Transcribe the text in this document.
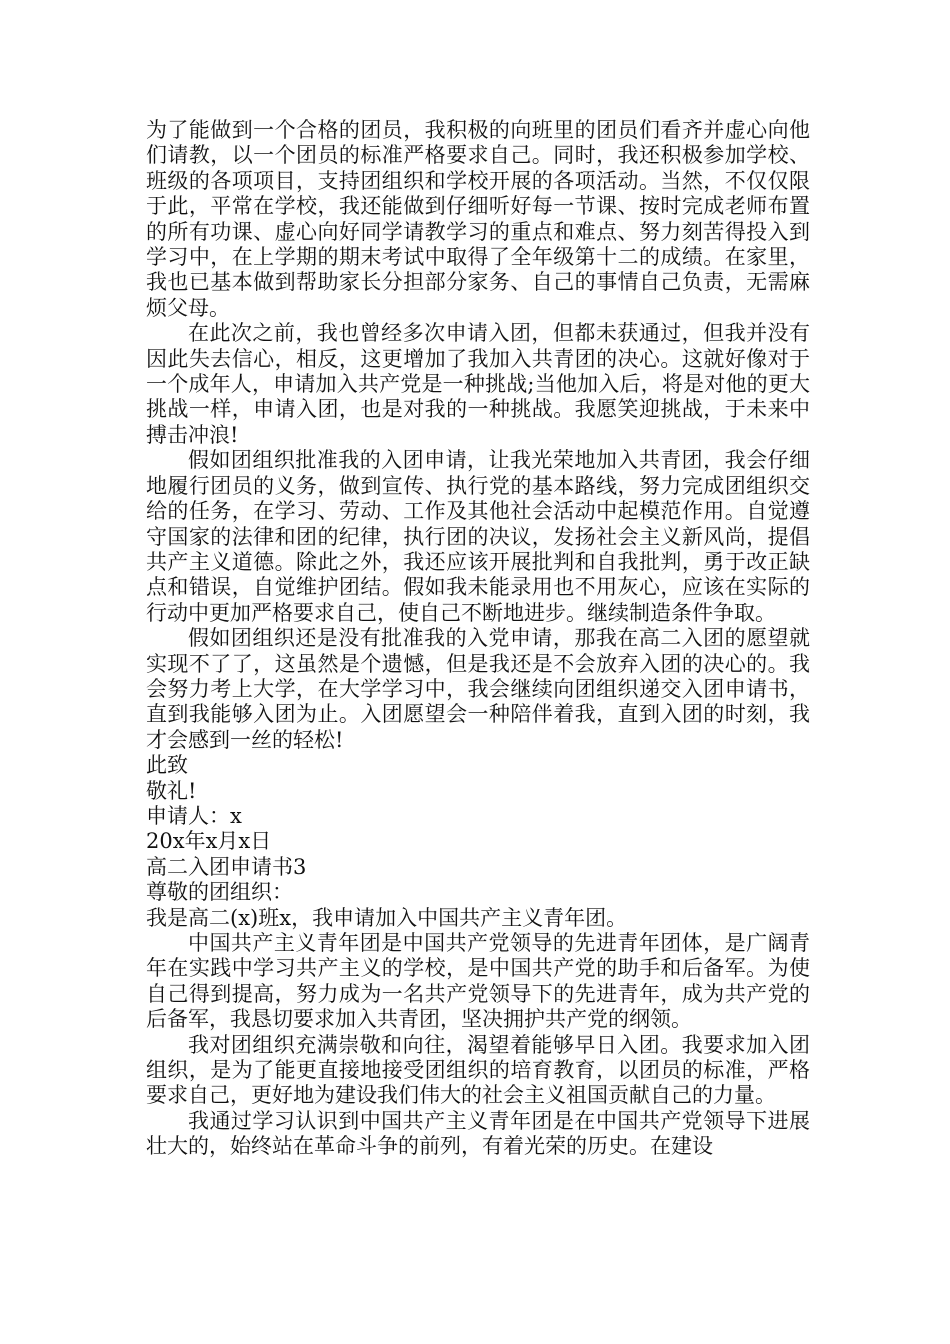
为了能做到一个合格的团员，我积极的向班里的团员们看齐并虚心向他们请教，以一个团员的标准严格要求自己。同时，我还积极参加学校、班级的各项项目，支持团组织和学校开展的各项活动。当然，不仅仅限于此，平常在学校，我还能做到仔细听好每一节课、按时完成老师布置的所有功课、虚心向好同学请教学习的重点和难点、努力刻苦得投入到学习中，在上学期的期末考试中取得了全年级第十二的成绩。在家里，我也已基本做到帮助家长分担部分家务、自己的事情自己负责，无需麻烦父母。

在此次之前，我也曾经多次申请入团，但都未获通过，但我并没有因此失去信心，相反，这更增加了我加入共青团的决心。这就好像对于一个成年人，申请加入共产党是一种挑战;当他加入后，将是对他的更大挑战一样，申请入团，也是对我的一种挑战。我愿笑迎挑战，于未来中搏击冲浪!

假如团组织批准我的入团申请，让我光荣地加入共青团，我会仔细地履行团员的义务，做到宣传、执行党的基本路线，努力完成团组织交给的任务，在学习、劳动、工作及其他社会活动中起模范作用。自觉遵守国家的法律和团的纪律，执行团的决议，发扬社会主义新风尚，提倡共产主义道德。除此之外，我还应该开展批判和自我批判，勇于改正缺点和错误，自觉维护团结。假如我未能录用也不用灰心，应该在实际的行动中更加严格要求自己，使自己不断地进步。继续制造条件争取。

假如团组织还是没有批准我的入党申请，那我在高二入团的愿望就实现不了了，这虽然是个遗憾，但是我还是不会放弃入团的决心的。我会努力考上大学，在大学学习中，我会继续向团组织递交入团申请书，直到我能够入团为止。入团愿望会一种陪伴着我，直到入团的时刻，我才会感到一丝的轻松!

此致

敬礼!

申请人：x

20x年x月x日

高二入团申请书3

尊敬的团组织：

我是高二(x)班x，我申请加入中国共产主义青年团。

中国共产主义青年团是中国共产党领导的先进青年团体，是广阔青年在实践中学习共产主义的学校，是中国共产党的助手和后备军。为使自己得到提高，努力成为一名共产党领导下的先进青年，成为共产党的后备军，我恳切要求加入共青团，坚决拥护共产党的纲领。

我对团组织充满崇敬和向往，渴望着能够早日入团。我要求加入团组织，是为了能更直接地接受团组织的培育教育，以团员的标准，严格要求自己，更好地为建设我们伟大的社会主义祖国贡献自己的力量。

我通过学习认识到中国共产主义青年团是在中国共产党领导下进展壮大的，始终站在革命斗争的前列，有着光荣的历史。在建设
